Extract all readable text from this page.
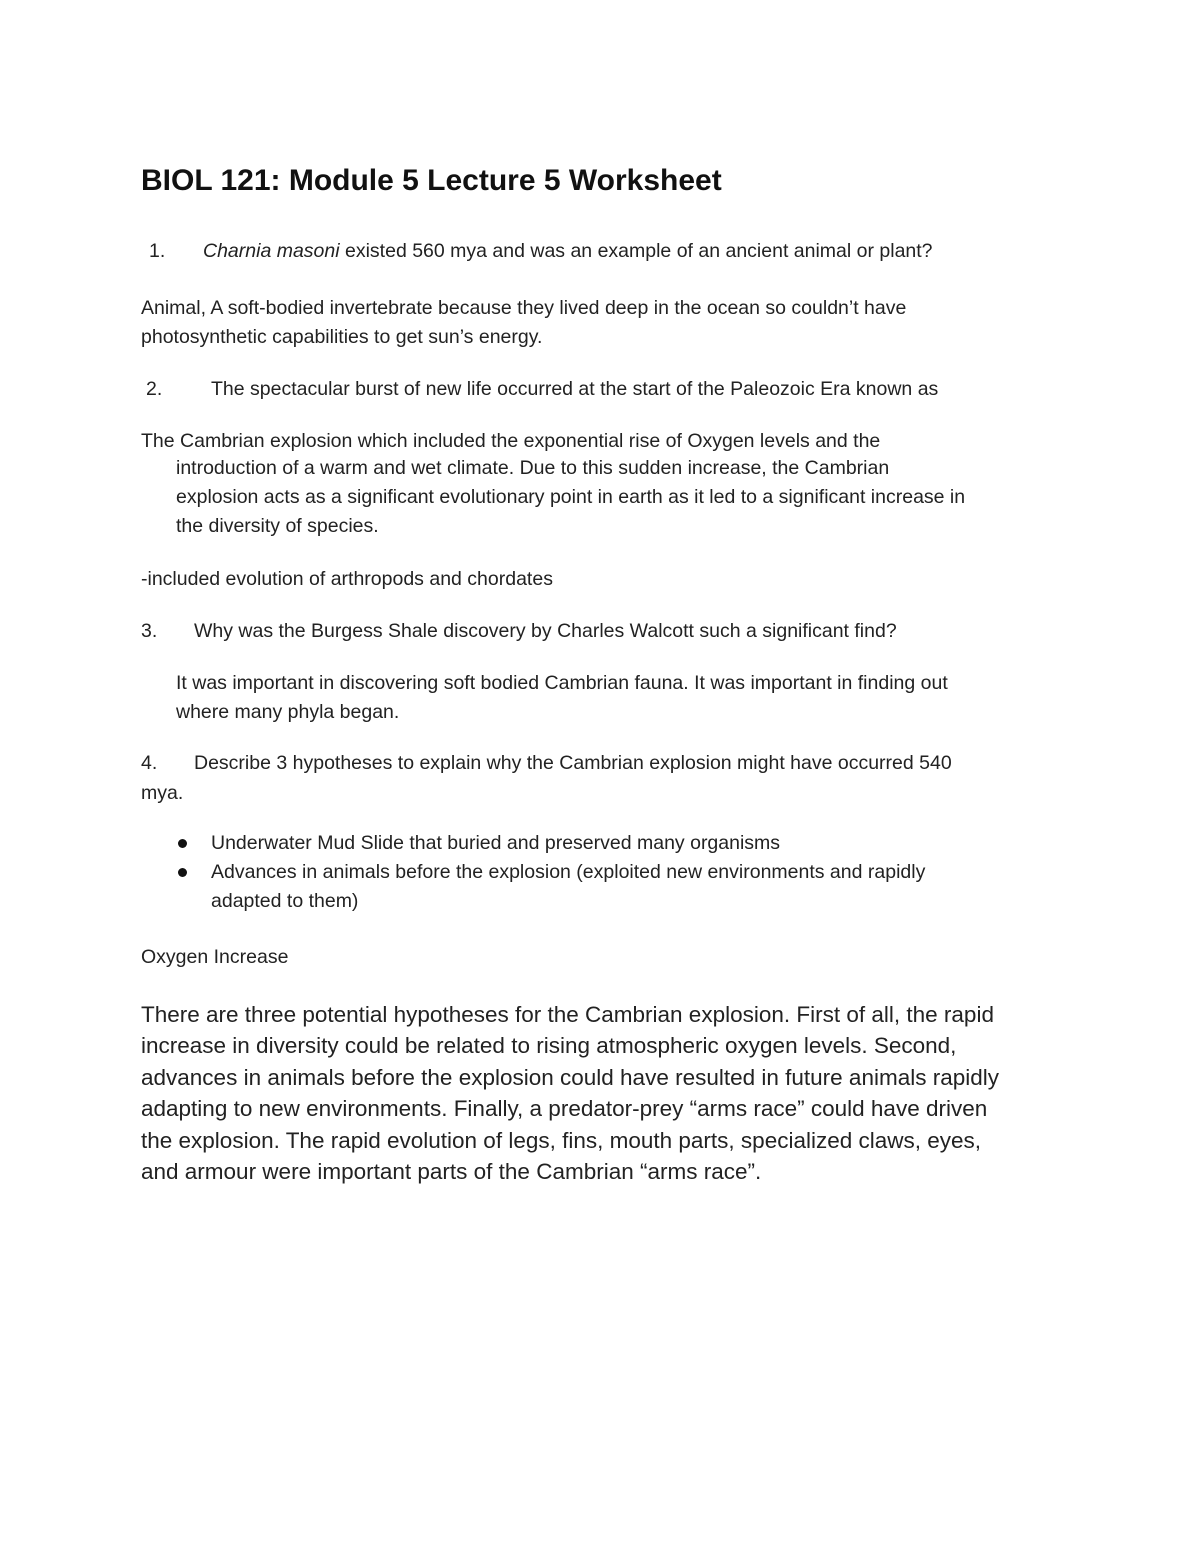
BIOL 121: Module 5 Lecture 5 Worksheet
1. Charnia masoni existed 560 mya and was an example of an ancient animal or plant?
Animal, A soft-bodied invertebrate because they lived deep in the ocean so couldn’t have
photosynthetic capabilities to get sun’s energy.
2. The spectacular burst of new life occurred at the start of the Paleozoic Era known as
The Cambrian explosion which included the exponential rise of Oxygen levels and the
introduction of a warm and wet climate. Due to this sudden increase, the Cambrian
explosion acts as a significant evolutionary point in earth as it led to a significant increase in
the diversity of species.
-included evolution of arthropods and chordates
3. Why was the Burgess Shale discovery by Charles Walcott such a significant find?
It was important in discovering soft bodied Cambrian fauna. It was important in finding out
where many phyla began.
4. Describe 3 hypotheses to explain why the Cambrian explosion might have occurred 540
mya.
Underwater Mud Slide that buried and preserved many organisms
Advances in animals before the explosion (exploited new environments and rapidly
adapted to them)
Oxygen Increase
There are three potential hypotheses for the Cambrian explosion. First of all, the rapid
increase in diversity could be related to rising atmospheric oxygen levels. Second,
advances in animals before the explosion could have resulted in future animals rapidly
adapting to new environments. Finally, a predator-prey “arms race” could have driven
the explosion. The rapid evolution of legs, fins, mouth parts, specialized claws, eyes,
and armour were important parts of the Cambrian “arms race”.
